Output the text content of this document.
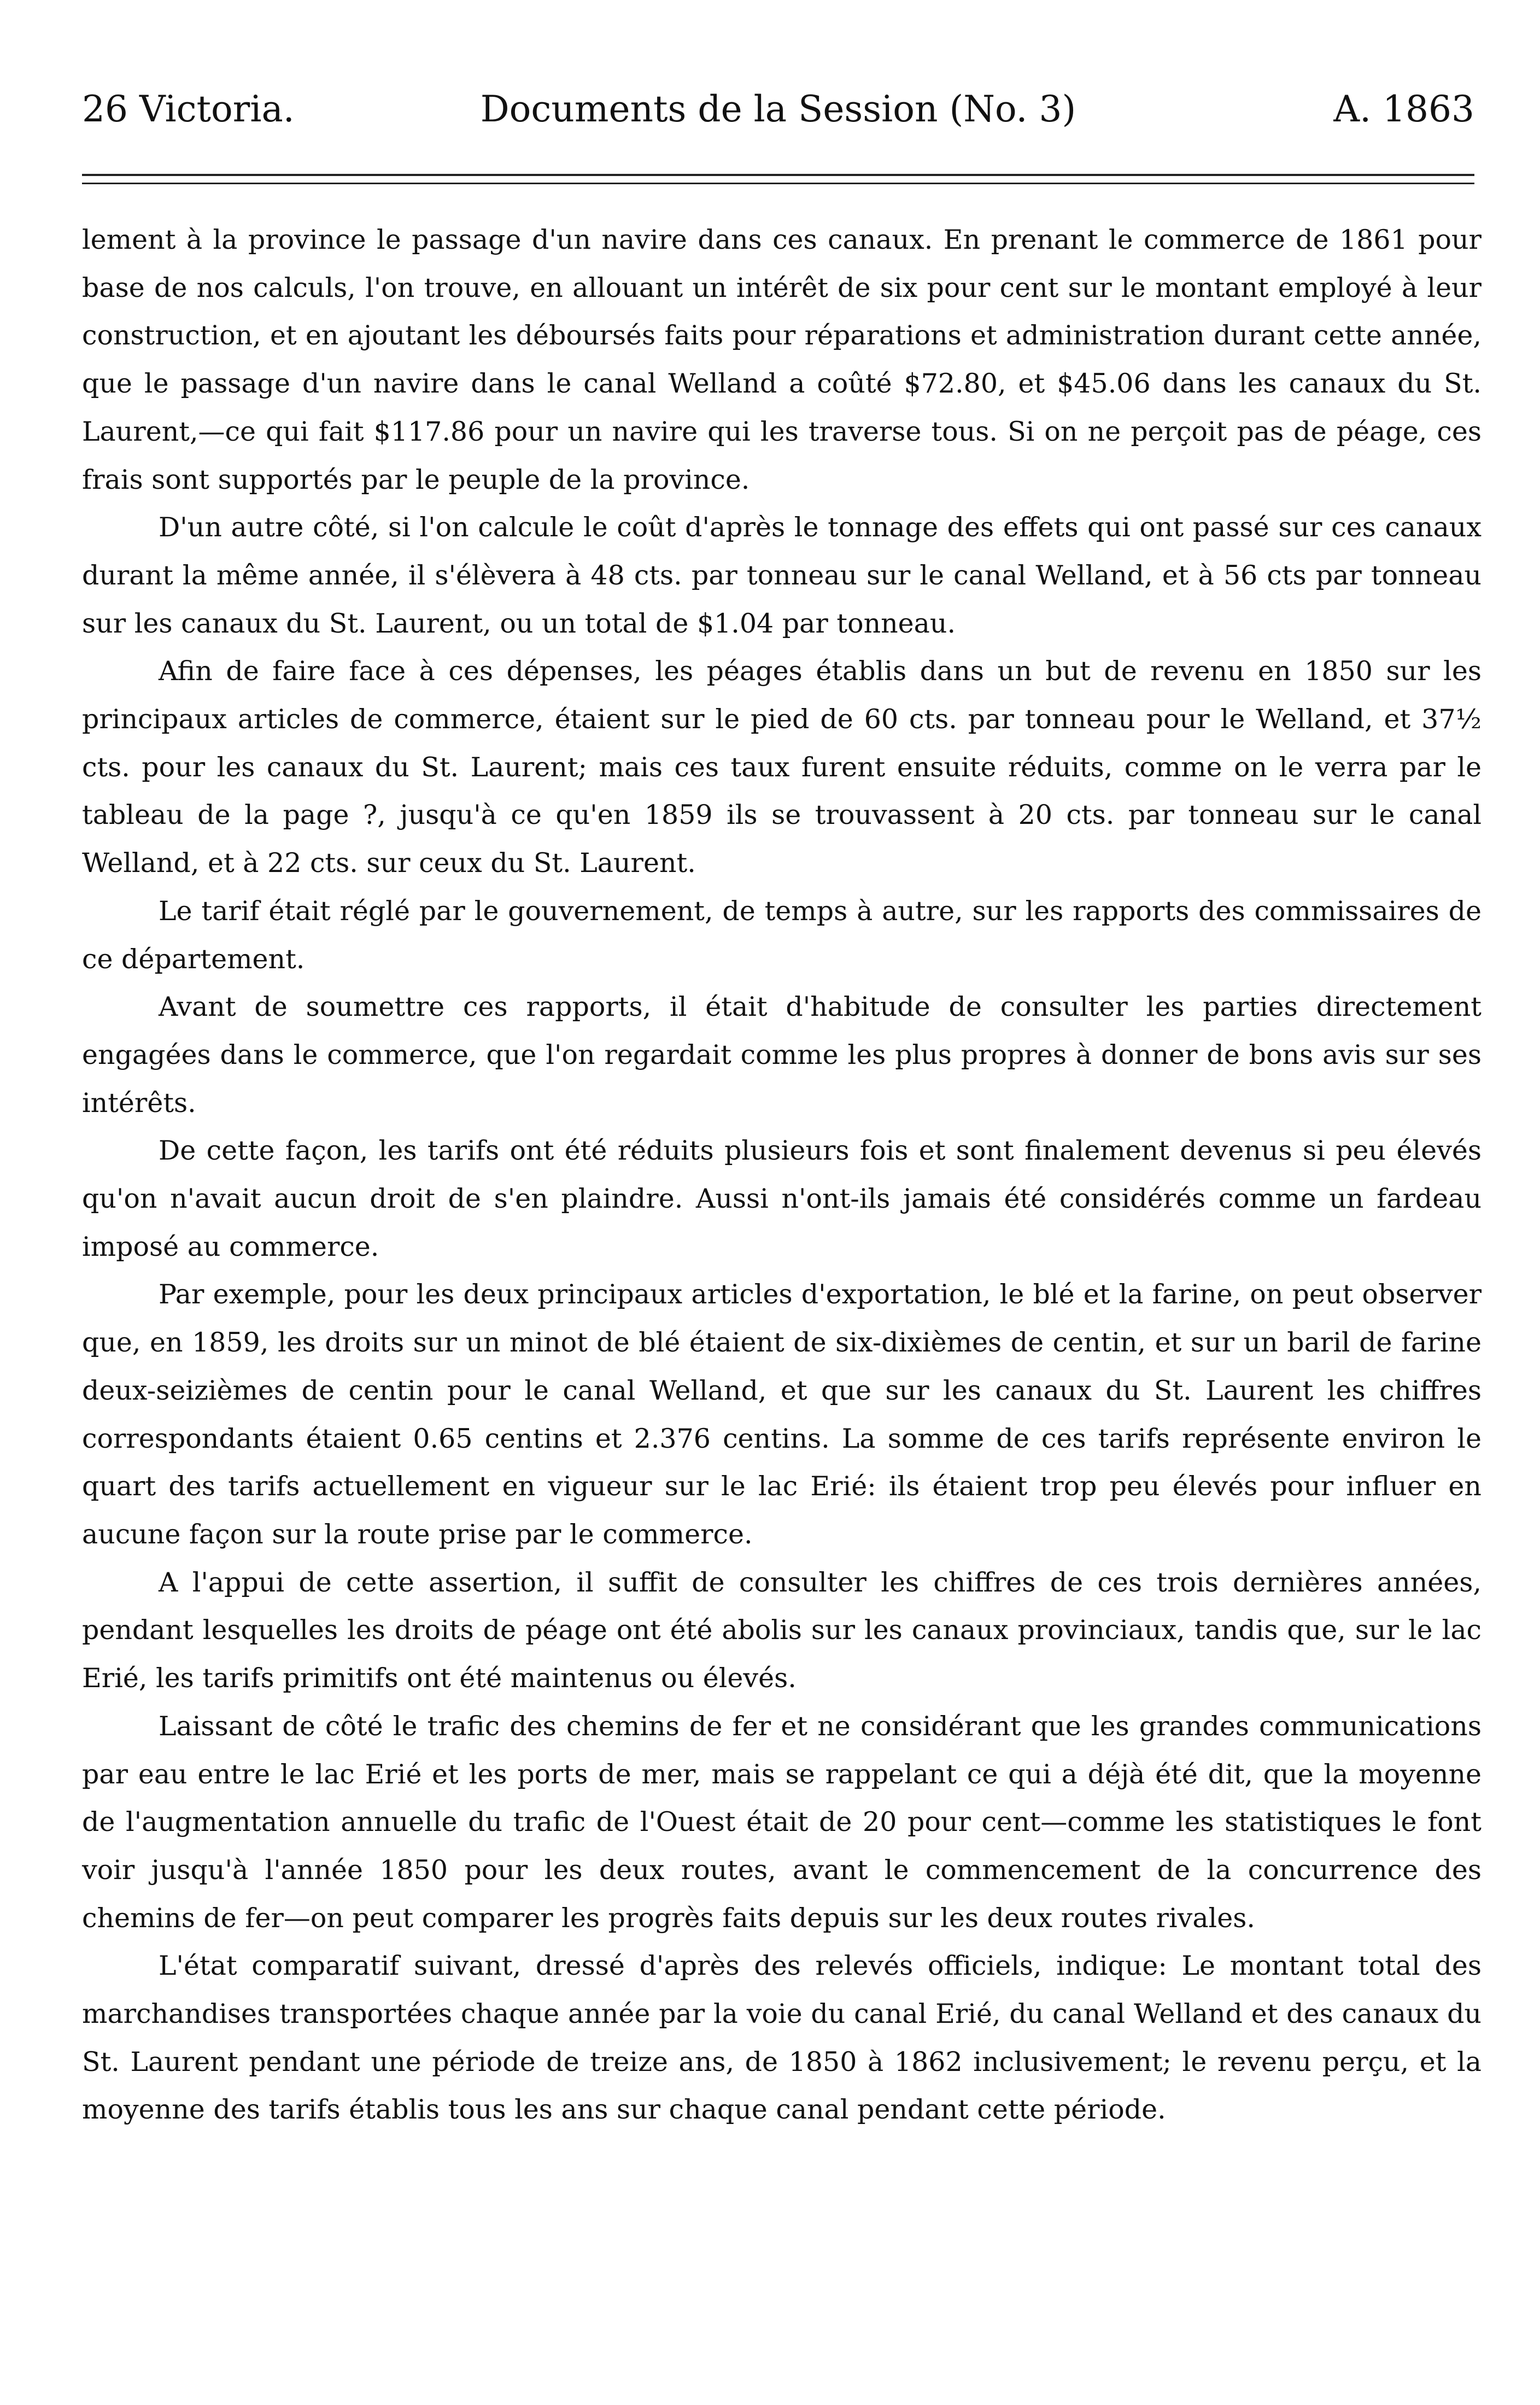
26 Victoria.	Documents de la Session (No. 3)	A. 1863

lement à la province le passage d'un navire dans ces canaux. En prenant le commerce de 1861 pour base de nos calculs, l'on trouve, en allouant un intérêt de six pour cent sur le montant employé à leur construction, et en ajoutant les déboursés faits pour réparations et administration durant cette année, que le passage d'un navire dans le canal Welland a coûté $72.80, et $45.06 dans les canaux du St. Laurent,—ce qui fait $117.86 pour un navire qui les traverse tous. Si on ne perçoit pas de péage, ces frais sont supportés par le peuple de la province.

D'un autre côté, si l'on calcule le coût d'après le tonnage des effets qui ont passé sur ces canaux durant la même année, il s'élèvera à 48 cts. par tonneau sur le canal Welland, et à 56 cts par tonneau sur les canaux du St. Laurent, ou un total de $1.04 par tonneau.

Afin de faire face à ces dépenses, les péages établis dans un but de revenu en 1850 sur les principaux articles de commerce, étaient sur le pied de 60 cts. par tonneau pour le Welland, et 37½ cts. pour les canaux du St. Laurent; mais ces taux furent ensuite réduits, comme on le verra par le tableau de la page ?, jusqu'à ce qu'en 1859 ils se trouvassent à 20 cts. par tonneau sur le canal Welland, et à 22 cts. sur ceux du St. Laurent.

Le tarif était réglé par le gouvernement, de temps à autre, sur les rapports des commissaires de ce département.

Avant de soumettre ces rapports, il était d'habitude de consulter les parties directement engagées dans le commerce, que l'on regardait comme les plus propres à donner de bons avis sur ses intérêts.

De cette façon, les tarifs ont été réduits plusieurs fois et sont finalement devenus si peu élevés qu'on n'avait aucun droit de s'en plaindre. Aussi n'ont-ils jamais été considérés comme un fardeau imposé au commerce.

Par exemple, pour les deux principaux articles d'exportation, le blé et la farine, on peut observer que, en 1859, les droits sur un minot de blé étaient de six-dixièmes de centin, et sur un baril de farine deux-seizièmes de centin pour le canal Welland, et que sur les canaux du St. Laurent les chiffres correspondants étaient 0.65 centins et 2.376 centins. La somme de ces tarifs représente environ le quart des tarifs actuellement en vigueur sur le lac Erié: ils étaient trop peu élevés pour influer en aucune façon sur la route prise par le commerce.

A l'appui de cette assertion, il suffit de consulter les chiffres de ces trois dernières années, pendant lesquelles les droits de péage ont été abolis sur les canaux provinciaux, tandis que, sur le lac Erié, les tarifs primitifs ont été maintenus ou élevés.

Laissant de côté le trafic des chemins de fer et ne considérant que les grandes communications par eau entre le lac Erié et les ports de mer, mais se rappelant ce qui a déjà été dit, que la moyenne de l'augmentation annuelle du trafic de l'Ouest était de 20 pour cent—comme les statistiques le font voir jusqu'à l'année 1850 pour les deux routes, avant le commencement de la concurrence des chemins de fer—on peut comparer les progrès faits depuis sur les deux routes rivales.

L'état comparatif suivant, dressé d'après des relevés officiels, indique: Le montant total des marchandises transportées chaque année par la voie du canal Erié, du canal Welland et des canaux du St. Laurent pendant une période de treize ans, de 1850 à 1862 inclusivement; le revenu perçu, et la moyenne des tarifs établis tous les ans sur chaque canal pendant cette période.
